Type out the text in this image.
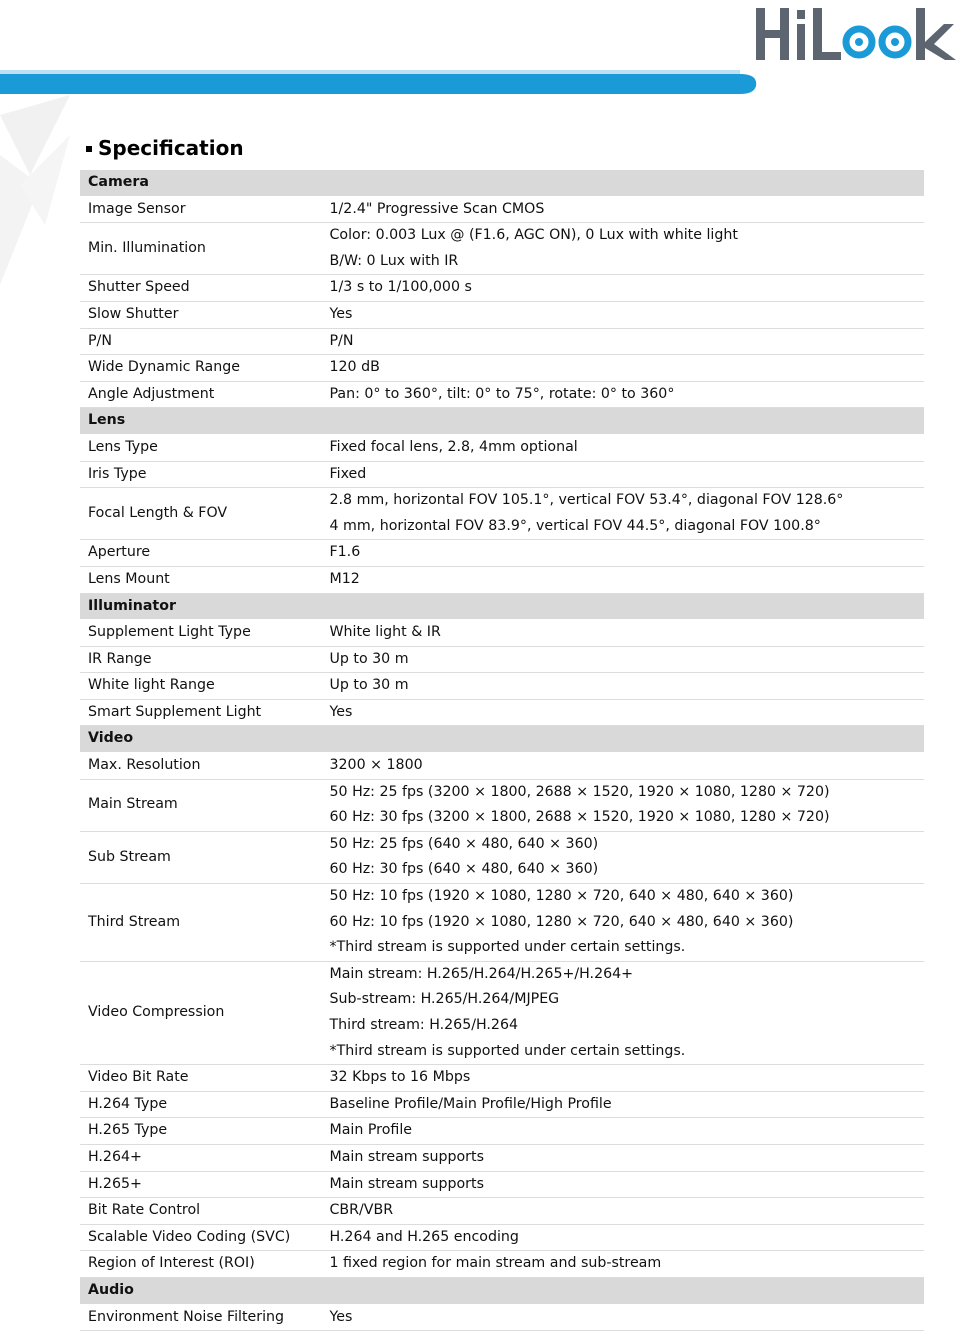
Specification
Camera	
Image Sensor	1/2.4" Progressive Scan CMOS

Min. Illumination	Color: 0.003 Lux @ (F1.6, AGC ON), 0 Lux with white light
B/W: 0 Lux with IR

Shutter Speed	1/3 s to 1/100,000 s

Slow Shutter	Yes

P/N	P/N

Wide Dynamic Range	120 dB

Angle Adjustment	Pan: 0° to 360°, tilt: 0° to 75°, rotate: 0° to 360°

Lens	
Lens Type	Fixed focal lens, 2.8, 4mm optional

Iris Type	Fixed

Focal Length & FOV	2.8 mm, horizontal FOV 105.1°, vertical FOV 53.4°, diagonal FOV 128.6°
4 mm, horizontal FOV 83.9°, vertical FOV 44.5°, diagonal FOV 100.8°

Aperture	F1.6

Lens Mount	M12

Illuminator	
Supplement Light Type	White light & IR

IR Range	Up to 30 m

White light Range	Up to 30 m

Smart Supplement Light	Yes

Video	
Max. Resolution	3200 × 1800

Main Stream	50 Hz: 25 fps (3200 × 1800, 2688 × 1520, 1920 × 1080, 1280 × 720)
60 Hz: 30 fps (3200 × 1800, 2688 × 1520, 1920 × 1080, 1280 × 720)

Sub Stream	50 Hz: 25 fps (640 × 480, 640 × 360)
60 Hz: 30 fps (640 × 480, 640 × 360)

Third Stream	50 Hz: 10 fps (1920 × 1080, 1280 × 720, 640 × 480, 640 × 360)
60 Hz: 10 fps (1920 × 1080, 1280 × 720, 640 × 480, 640 × 360)
*Third stream is supported under certain settings.

Video Compression	Main stream: H.265/H.264/H.265+/H.264+
Sub-stream: H.265/H.264/MJPEG
Third stream: H.265/H.264
*Third stream is supported under certain settings.

Video Bit Rate	32 Kbps to 16 Mbps

H.264 Type	Baseline Profile/Main Profile/High Profile

H.265 Type	Main Profile

H.264+	Main stream supports

H.265+	Main stream supports

Bit Rate Control	CBR/VBR

Scalable Video Coding (SVC)	H.264 and H.265 encoding

Region of Interest (ROI)	1 fixed region for main stream and sub-stream

Audio	
Environment Noise Filtering	Yes
